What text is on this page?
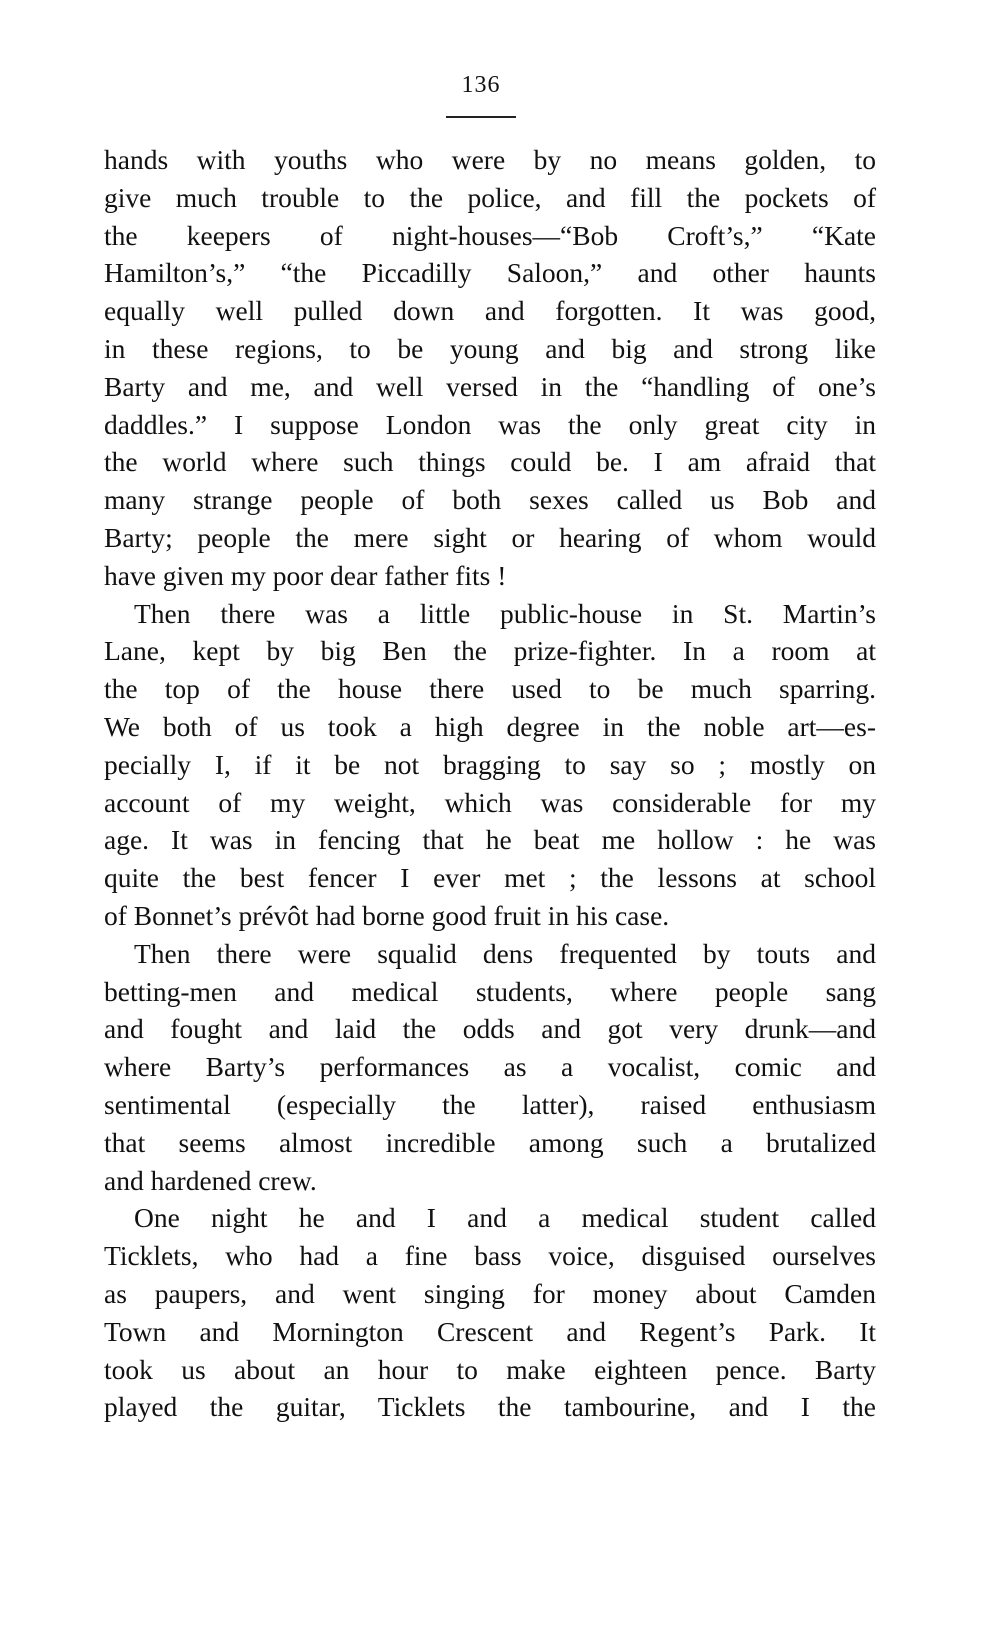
136
hands with youths who were by no means golden, to
give much trouble to the police, and fill the pockets of
the keepers of night-houses—“Bob Croft’s,” “Kate
Hamilton’s,” “the Piccadilly Saloon,” and other haunts
equally well pulled down and forgotten. It was good,
in these regions, to be young and big and strong like
Barty and me, and well versed in the “handling of one’s
daddles.” I suppose London was the only great city in
the world where such things could be. I am afraid that
many strange people of both sexes called us Bob and
Barty; people the mere sight or hearing of whom would
have given my poor dear father fits !
Then there was a little public-house in St. Martin’s
Lane, kept by big Ben the prize-fighter. In a room at
the top of the house there used to be much sparring.
We both of us took a high degree in the noble art—es-
pecially I, if it be not bragging to say so ; mostly on
account of my weight, which was considerable for my
age. It was in fencing that he beat me hollow : he was
quite the best fencer I ever met ; the lessons at school
of Bonnet’s prévôt had borne good fruit in his case.
Then there were squalid dens frequented by touts and
betting-men and medical students, where people sang
and fought and laid the odds and got very drunk—and
where Barty’s performances as a vocalist, comic and
sentimental (especially the latter), raised enthusiasm
that seems almost incredible among such a brutalized
and hardened crew.
One night he and I and a medical student called
Ticklets, who had a fine bass voice, disguised ourselves
as paupers, and went singing for money about Camden
Town and Mornington Crescent and Regent’s Park. It
took us about an hour to make eighteen pence. Barty
played the guitar, Ticklets the tambourine, and I the
